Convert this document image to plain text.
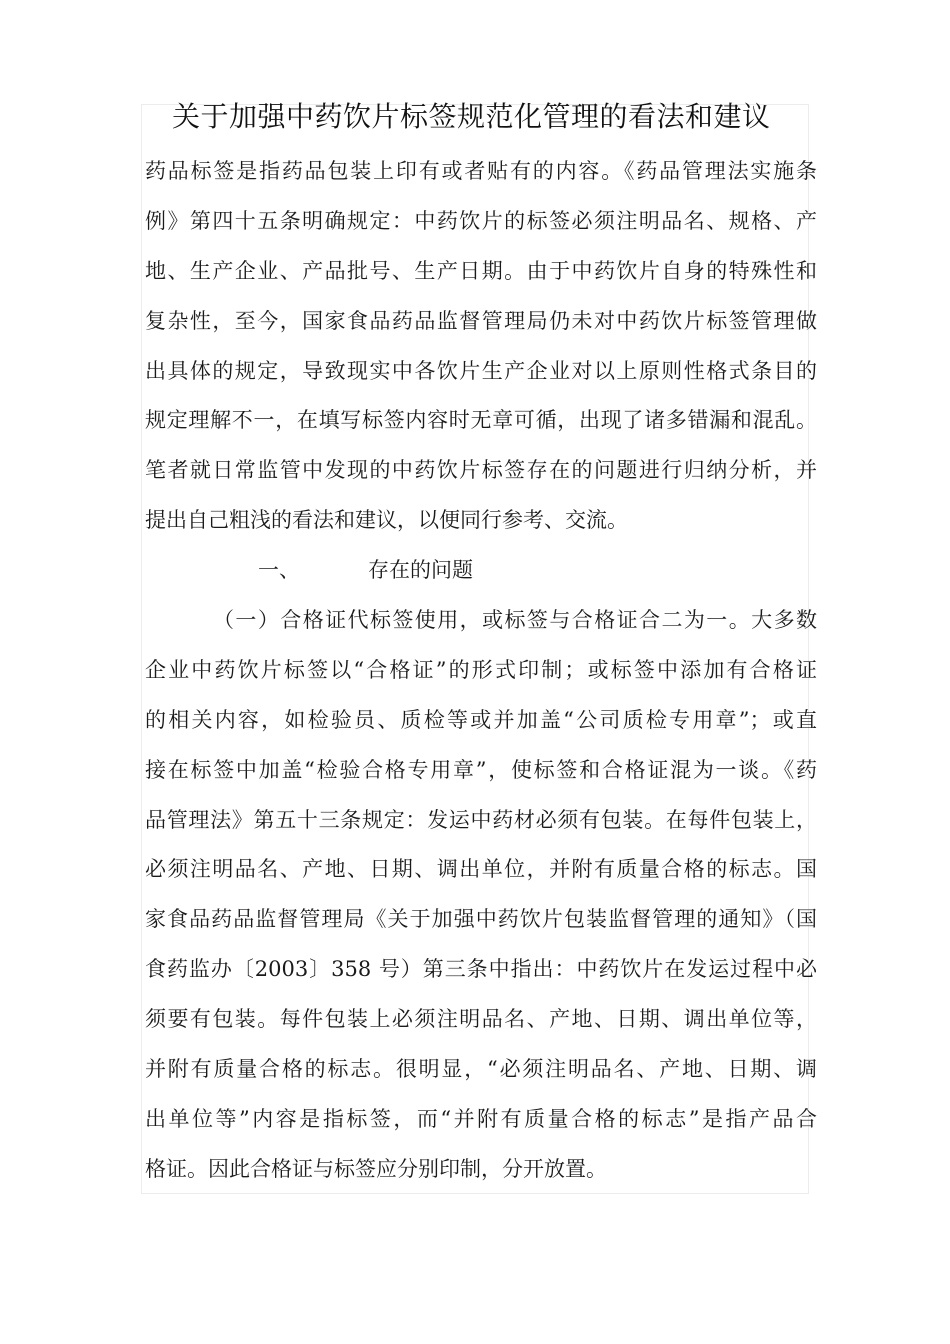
关于加强中药饮片标签规范化管理的看法和建议
药品标签是指药品包装上印有或者贴有的内容。《药品管理法实施条
例》第四十五条明确规定：中药饮片的标签必须注明品名、规格、产
地、生产企业、产品批号、生产日期。由于中药饮片自身的特殊性和
复杂性，至今，国家食品药品监督管理局仍未对中药饮片标签管理做
出具体的规定，导致现实中各饮片生产企业对以上原则性格式条目的
规定理解不一，在填写标签内容时无章可循，出现了诸多错漏和混乱。
笔者就日常监管中发现的中药饮片标签存在的问题进行归纳分析，并
提出自己粗浅的看法和建议，以便同行参考、交流。
一、	存在的问题
（一）合格证代标签使用，或标签与合格证合二为一。大多数
企业中药饮片标签以“合格证”的形式印制；或标签中添加有合格证
的相关内容，如检验员、质检等或并加盖“公司质检专用章”；或直
接在标签中加盖“检验合格专用章”，使标签和合格证混为一谈。《药
品管理法》第五十三条规定：发运中药材必须有包装。在每件包装上，
必须注明品名、产地、日期、调出单位，并附有质量合格的标志。国
家食品药品监督管理局《关于加强中药饮片包装监督管理的通知》（国
食药监办〔2003〕358 号）第三条中指出：中药饮片在发运过程中必
须要有包装。每件包装上必须注明品名、产地、日期、调出单位等，
并附有质量合格的标志。很明显，“必须注明品名、产地、日期、调
出单位等”内容是指标签，而“并附有质量合格的标志”是指产品合
格证。因此合格证与标签应分别印制，分开放置。
